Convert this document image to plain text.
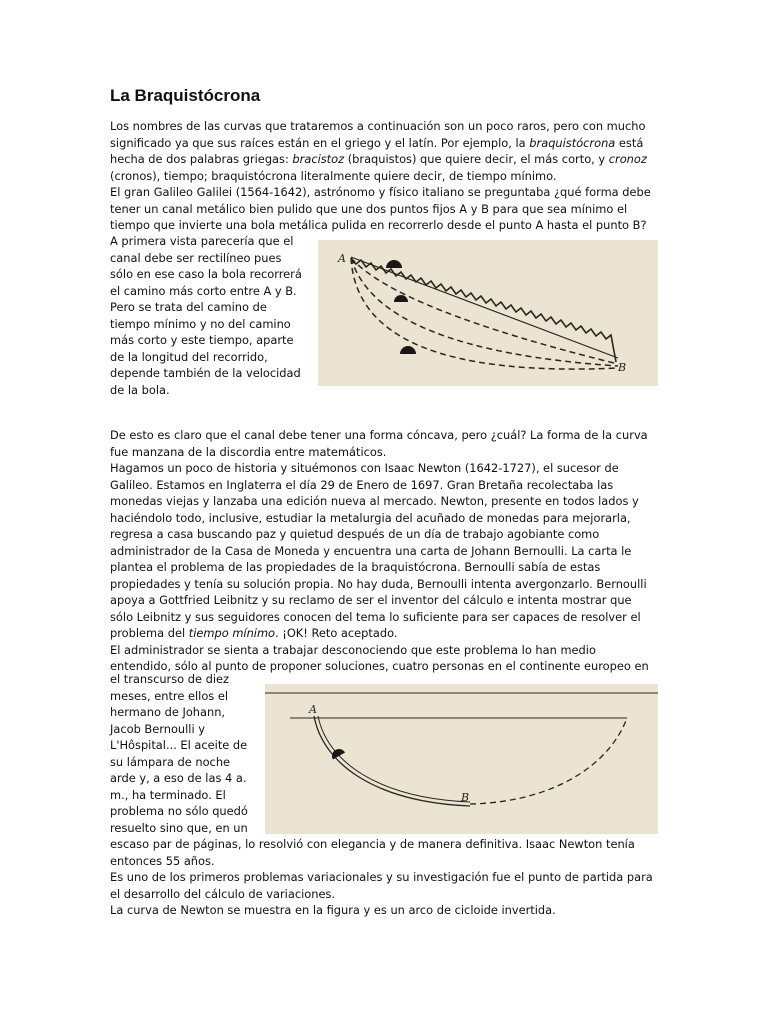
La Braquistócrona

Los nombres de las curvas que trataremos a continuación son un poco raros, pero con mucho significado ya que sus raíces están en el griego y el latín. Por ejemplo, la braquistócrona está hecha de dos palabras griegas: bracistoz (braquistos) que quiere decir, el más corto, y cronoz (cronos), tiempo; braquistócrona literalmente quiere decir, de tiempo mínimo.

El gran Galileo Galilei (1564-1642), astrónomo y físico italiano se preguntaba ¿qué forma debe tener un canal metálico bien pulido que une dos puntos fijos A y B para que sea mínimo el tiempo que invierte una bola metálica pulida en recorrerlo desde el punto A hasta el punto B?

A primera vista parecería que el
canal debe ser rectilíneo pues
sólo en ese caso la bola recorrerá
el camino más corto entre A y B.
Pero se trata del camino de
tiempo mínimo y no del camino
más corto y este tiempo, aparte
de la longitud del recorrido,
depende también de la velocidad
de la bola.
A
B

De esto es claro que el canal debe tener una forma cóncava, pero ¿cuál? La forma de la curva fue manzana de la discordia entre matemáticos.

Hagamos un poco de historia y situémonos con Isaac Newton (1642-1727), el sucesor de Galileo. Estamos en Inglaterra el día 29 de Enero de 1697. Gran Bretaña recolectaba las monedas viejas y lanzaba una edición nueva al mercado. Newton, presente en todos lados y haciéndolo todo, inclusive, estudiar la metalurgia del acuñado de monedas para mejorarla, regresa a casa buscando paz y quietud después de un día de trabajo agobiante como administrador de la Casa de Moneda y encuentra una carta de Johann Bernoulli. La carta le plantea el problema de las propiedades de la braquistócrona. Bernoulli sabía de estas propiedades y tenía su solución propia. No hay duda, Bernoulli intenta avergonzarlo. Bernoulli apoya a Gottfried Leibnitz y su reclamo de ser el inventor del cálculo e intenta mostrar que sólo Leibnitz y sus seguidores conocen del tema lo suficiente para ser capaces de resolver el problema del tiempo mínimo. ¡OK! Reto aceptado.

El administrador se sienta a trabajar desconociendo que este problema lo han medio entendido, sólo al punto de proponer soluciones, cuatro personas en el continente europeo en

el transcurso de diez
meses, entre ellos el
hermano de Johann,
Jacob Bernoulli y
L'Hôspital... El aceite de
su lámpara de noche
arde y, a eso de las 4 a.
m., ha terminado. El
problema no sólo quedó
resuelto sino que, en un
A
B

escaso par de páginas, lo resolvió con elegancia y de manera definitiva. Isaac Newton tenía entonces 55 años.

Es uno de los primeros problemas variacionales y su investigación fue el punto de partida para el desarrollo del cálculo de variaciones.

La curva de Newton se muestra en la figura y es un arco de cicloide invertida.
